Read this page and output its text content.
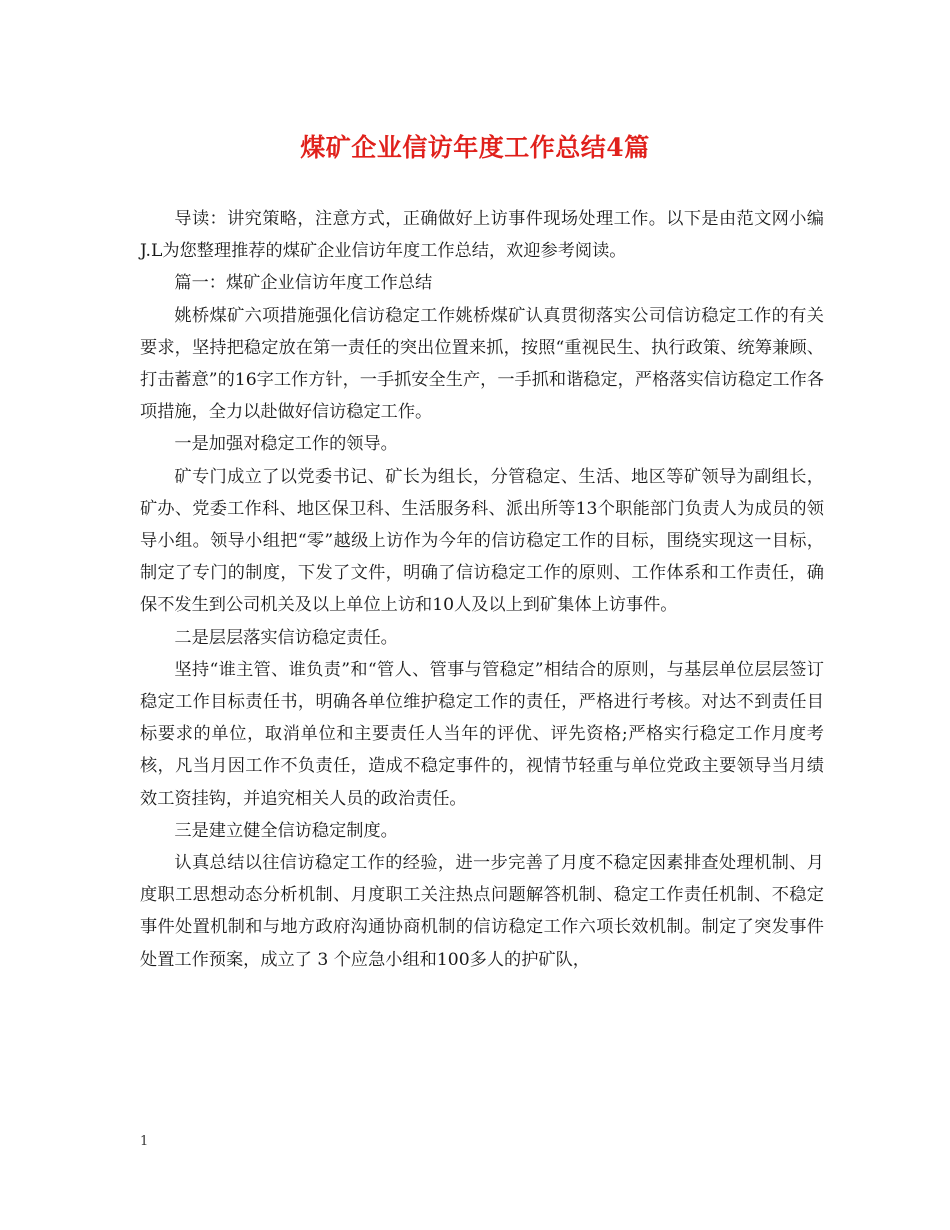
煤矿企业信访年度工作总结4篇

导读：讲究策略，注意方式，正确做好上访事件现场处理工作。以下是由范文网小编J.L为您整理推荐的煤矿企业信访年度工作总结，欢迎参考阅读。

篇一：煤矿企业信访年度工作总结

姚桥煤矿六项措施强化信访稳定工作姚桥煤矿认真贯彻落实公司信访稳定工作的有关要求，坚持把稳定放在第一责任的突出位置来抓，按照“重视民生、执行政策、统筹兼顾、打击蓄意”的16字工作方针，一手抓安全生产，一手抓和谐稳定，严格落实信访稳定工作各项措施，全力以赴做好信访稳定工作。

一是加强对稳定工作的领导。

矿专门成立了以党委书记、矿长为组长，分管稳定、生活、地区等矿领导为副组长，矿办、党委工作科、地区保卫科、生活服务科、派出所等13个职能部门负责人为成员的领导小组。领导小组把“零”越级上访作为今年的信访稳定工作的目标，围绕实现这一目标，制定了专门的制度，下发了文件，明确了信访稳定工作的原则、工作体系和工作责任，确保不发生到公司机关及以上单位上访和10人及以上到矿集体上访事件。

二是层层落实信访稳定责任。

坚持“谁主管、谁负责”和“管人、管事与管稳定”相结合的原则，与基层单位层层签订稳定工作目标责任书，明确各单位维护稳定工作的责任，严格进行考核。对达不到责任目标要求的单位，取消单位和主要责任人当年的评优、评先资格;严格实行稳定工作月度考核，凡当月因工作不负责任，造成不稳定事件的，视情节轻重与单位党政主要领导当月绩效工资挂钩，并追究相关人员的政治责任。

三是建立健全信访稳定制度。

认真总结以往信访稳定工作的经验，进一步完善了月度不稳定因素排查处理机制、月度职工思想动态分析机制、月度职工关注热点问题解答机制、稳定工作责任机制、不稳定事件处置机制和与地方政府沟通协商机制的信访稳定工作六项长效机制。制定了突发事件处置工作预案，成立了 3 个应急小组和100多人的护矿队，

1
